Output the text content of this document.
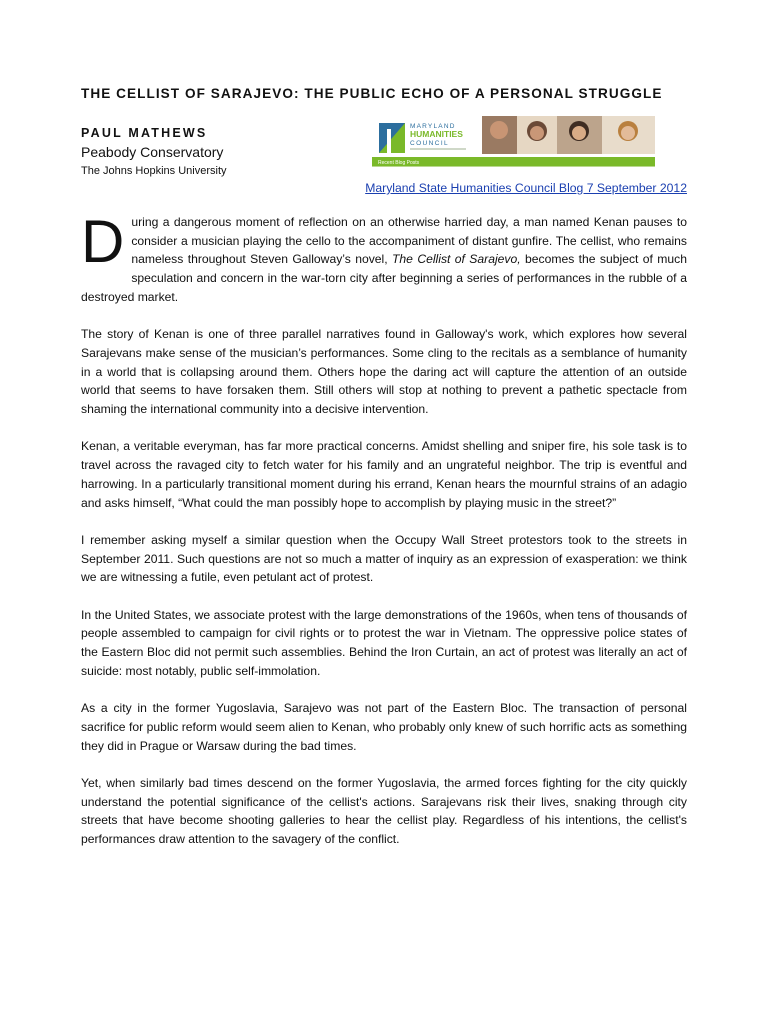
THE CELLIST OF SARAJEVO: THE PUBLIC ECHO OF A PERSONAL STRUGGLE
PAUL MATHEWS
Peabody Conservatory
The Johns Hopkins University
MARYLAND
HUMANITIES
COUNCIL
Recent Blog Posts
Maryland State Humanities Council Blog 7 September 2012

During a dangerous moment of reflection on an otherwise harried day, a man named Kenan pauses to consider a musician playing the cello to the accompaniment of distant gunfire. The cellist, who remains nameless throughout Steven Galloway’s novel, The Cellist of Sarajevo, becomes the subject of much speculation and concern in the war-torn city after beginning a series of performances in the rubble of a destroyed market.

The story of Kenan is one of three parallel narratives found in Galloway's work, which explores how several Sarajevans make sense of the musician’s performances. Some cling to the recitals as a semblance of humanity in a world that is collapsing around them. Others hope the daring act will capture the attention of an outside world that seems to have forsaken them. Still others will stop at nothing to prevent a pathetic spectacle from shaming the international community into a decisive intervention.

Kenan, a veritable everyman, has far more practical concerns. Amidst shelling and sniper fire, his sole task is to travel across the ravaged city to fetch water for his family and an ungrateful neighbor. The trip is eventful and harrowing. In a particularly transitional moment during his errand, Kenan hears the mournful strains of an adagio and asks himself, “What could the man possibly hope to accomplish by playing music in the street?”

I remember asking myself a similar question when the Occupy Wall Street protestors took to the streets in September 2011. Such questions are not so much a matter of inquiry as an expression of exasperation: we think we are witnessing a futile, even petulant act of protest.

In the United States, we associate protest with the large demonstrations of the 1960s, when tens of thousands of people assembled to campaign for civil rights or to protest the war in Vietnam. The oppressive police states of the Eastern Bloc did not permit such assemblies. Behind the Iron Curtain, an act of protest was literally an act of suicide: most notably, public self-immolation.

As a city in the former Yugoslavia, Sarajevo was not part of the Eastern Bloc. The transaction of personal sacrifice for public reform would seem alien to Kenan, who probably only knew of such horrific acts as something they did in Prague or Warsaw during the bad times.

Yet, when similarly bad times descend on the former Yugoslavia, the armed forces fighting for the city quickly understand the potential significance of the cellist's actions. Sarajevans risk their lives, snaking through city streets that have become shooting galleries to hear the cellist play. Regardless of his intentions, the cellist's performances draw attention to the savagery of the conflict.
